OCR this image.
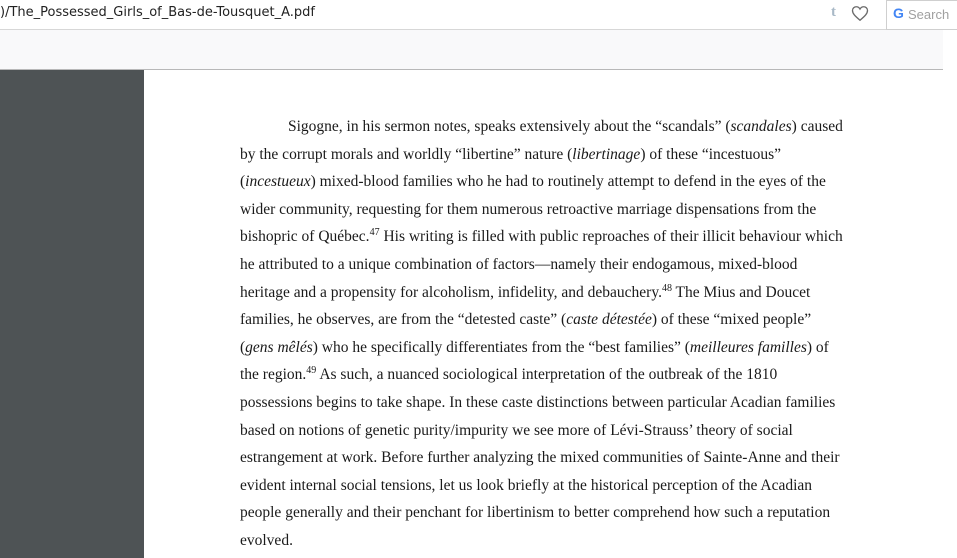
)/The_Possessed_Girls_of_Bas-de-Tousquet_A.pdf	t	G Search
Sigogne, in his sermon notes, speaks extensively about the “scandals” (scandales) caused
by the corrupt morals and worldly “libertine” nature (libertinage) of these “incestuous”
(incestueux) mixed-blood families who he had to routinely attempt to defend in the eyes of the
wider community, requesting for them numerous retroactive marriage dispensations from the
bishopric of Québec.$^{47}$ His writing is filled with public reproaches of their illicit behaviour which
he attributed to a unique combination of factors—namely their endogamous, mixed-blood
heritage and a propensity for alcoholism, infidelity, and debauchery.$^{48}$ The Mius and Doucet
families, he observes, are from the “detested caste” (caste détestée) of these “mixed people”
(gens mêlés) who he specifically differentiates from the “best families” (meilleures familles) of
the region.$^{49}$ As such, a nuanced sociological interpretation of the outbreak of the 1810
possessions begins to take shape. In these caste distinctions between particular Acadian families
based on notions of genetic purity/impurity we see more of Lévi-Strauss’ theory of social
estrangement at work. Before further analyzing the mixed communities of Sainte-Anne and their
evident internal social tensions, let us look briefly at the historical perception of the Acadian
people generally and their penchant for libertinism to better comprehend how such a reputation
evolved.
